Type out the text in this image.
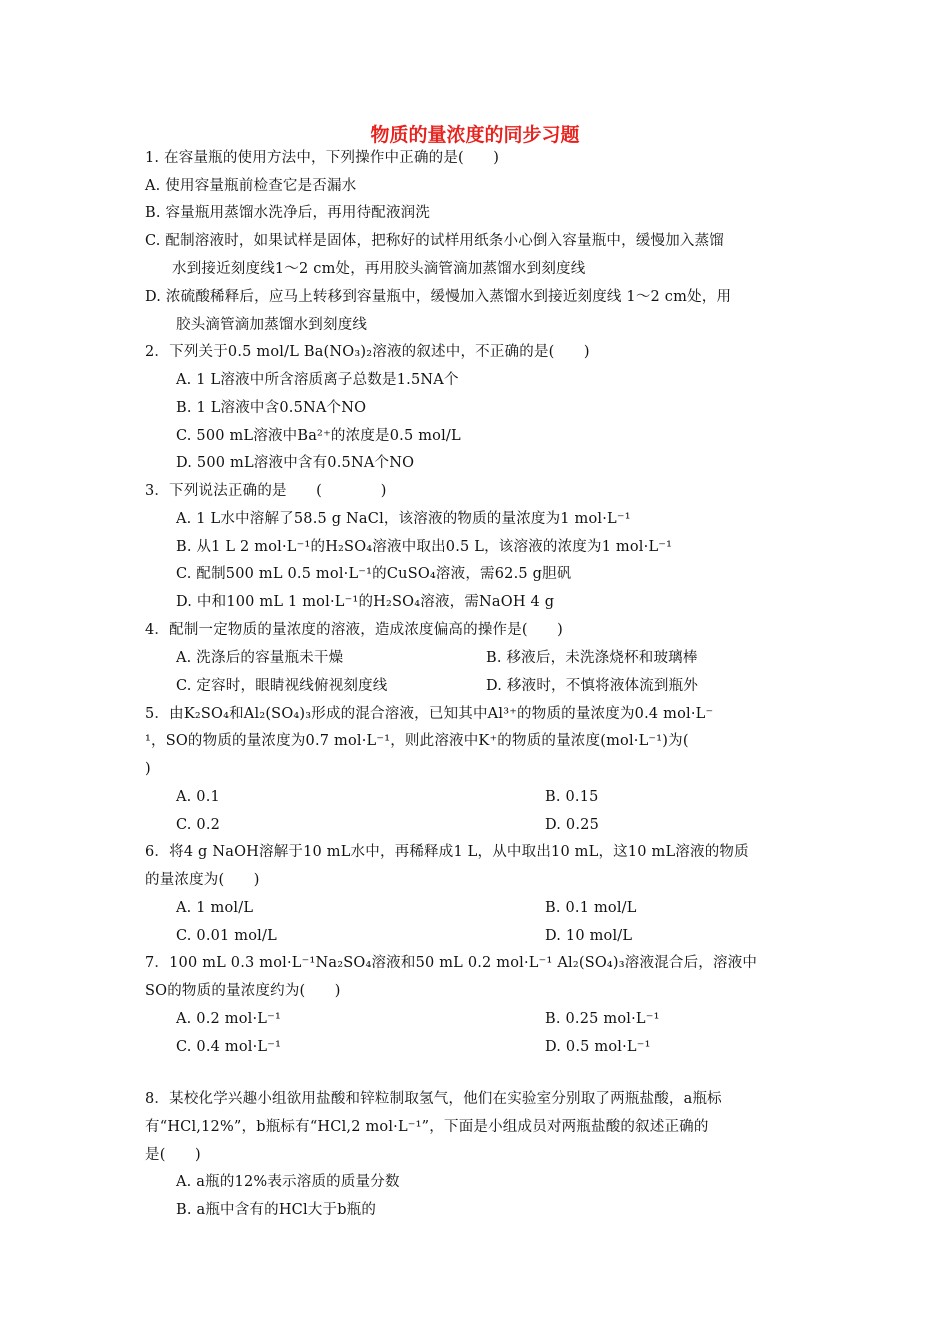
物质的量浓度的同步习题
1. 在容量瓶的使用方法中，下列操作中正确的是(　　)
A. 使用容量瓶前检查它是否漏水
B. 容量瓶用蒸馏水洗净后，再用待配液润洗
C. 配制溶液时，如果试样是固体，把称好的试样用纸条小心倒入容量瓶中，缓慢加入蒸馏
水到接近刻度线1～2 cm处，再用胶头滴管滴加蒸馏水到刻度线
D. 浓硫酸稀释后，应马上转移到容量瓶中，缓慢加入蒸馏水到接近刻度线 1～2 cm处，用
胶头滴管滴加蒸馏水到刻度线
2．下列关于0.5 mol/L Ba(NO₃)₂溶液的叙述中，不正确的是(　　)
A. 1 L溶液中所含溶质离子总数是1.5NA个
B. 1 L溶液中含0.5NA个NO
C. 500 mL溶液中Ba²⁺的浓度是0.5 mol/L
D. 500 mL溶液中含有0.5NA个NO
3．下列说法正确的是　　(　　　　)
A. 1 L水中溶解了58.5 g NaCl，该溶液的物质的量浓度为1 mol·L⁻¹
B. 从1 L 2 mol·L⁻¹的H₂SO₄溶液中取出0.5 L，该溶液的浓度为1 mol·L⁻¹
C. 配制500 mL 0.5 mol·L⁻¹的CuSO₄溶液，需62.5 g胆矾
D. 中和100 mL 1 mol·L⁻¹的H₂SO₄溶液，需NaOH 4 g
4．配制一定物质的量浓度的溶液，造成浓度偏高的操作是(　　)
A. 洗涤后的容量瓶未干燥	B. 移液后，未洗涤烧杯和玻璃棒
C. 定容时，眼睛视线俯视刻度线	D. 移液时，不慎将液体流到瓶外
5．由K₂SO₄和Al₂(SO₄)₃形成的混合溶液，已知其中Al³⁺的物质的量浓度为0.4 mol·L⁻
¹，SO的物质的量浓度为0.7 mol·L⁻¹，则此溶液中K⁺的物质的量浓度(mol·L⁻¹)为(
)
A. 0.1	B. 0.15
C. 0.2	D. 0.25
6．将4 g NaOH溶解于10 mL水中，再稀释成1 L，从中取出10 mL，这10 mL溶液的物质
的量浓度为(　　)
A. 1 mol/L	B. 0.1 mol/L
C. 0.01 mol/L	D. 10 mol/L
7．100 mL 0.3 mol·L⁻¹Na₂SO₄溶液和50 mL 0.2 mol·L⁻¹ Al₂(SO₄)₃溶液混合后，溶液中
SO的物质的量浓度约为(　　)
A. 0.2 mol·L⁻¹	B. 0.25 mol·L⁻¹
C. 0.4 mol·L⁻¹	D. 0.5 mol·L⁻¹
8．某校化学兴趣小组欲用盐酸和锌粒制取氢气，他们在实验室分别取了两瓶盐酸，a瓶标
有“HCl,12%”，b瓶标有“HCl,2 mol·L⁻¹”，下面是小组成员对两瓶盐酸的叙述正确的
是(　　)
A. a瓶的12%表示溶质的质量分数
B. a瓶中含有的HCl大于b瓶的
